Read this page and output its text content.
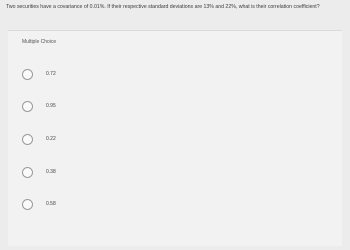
Two securities have a covariance of 0.01%. If their respective standard deviations are 13% and 22%, what is their correlation coefficient?
Multiple Choice
0.72
0.95
0.22
0.38
0.58
